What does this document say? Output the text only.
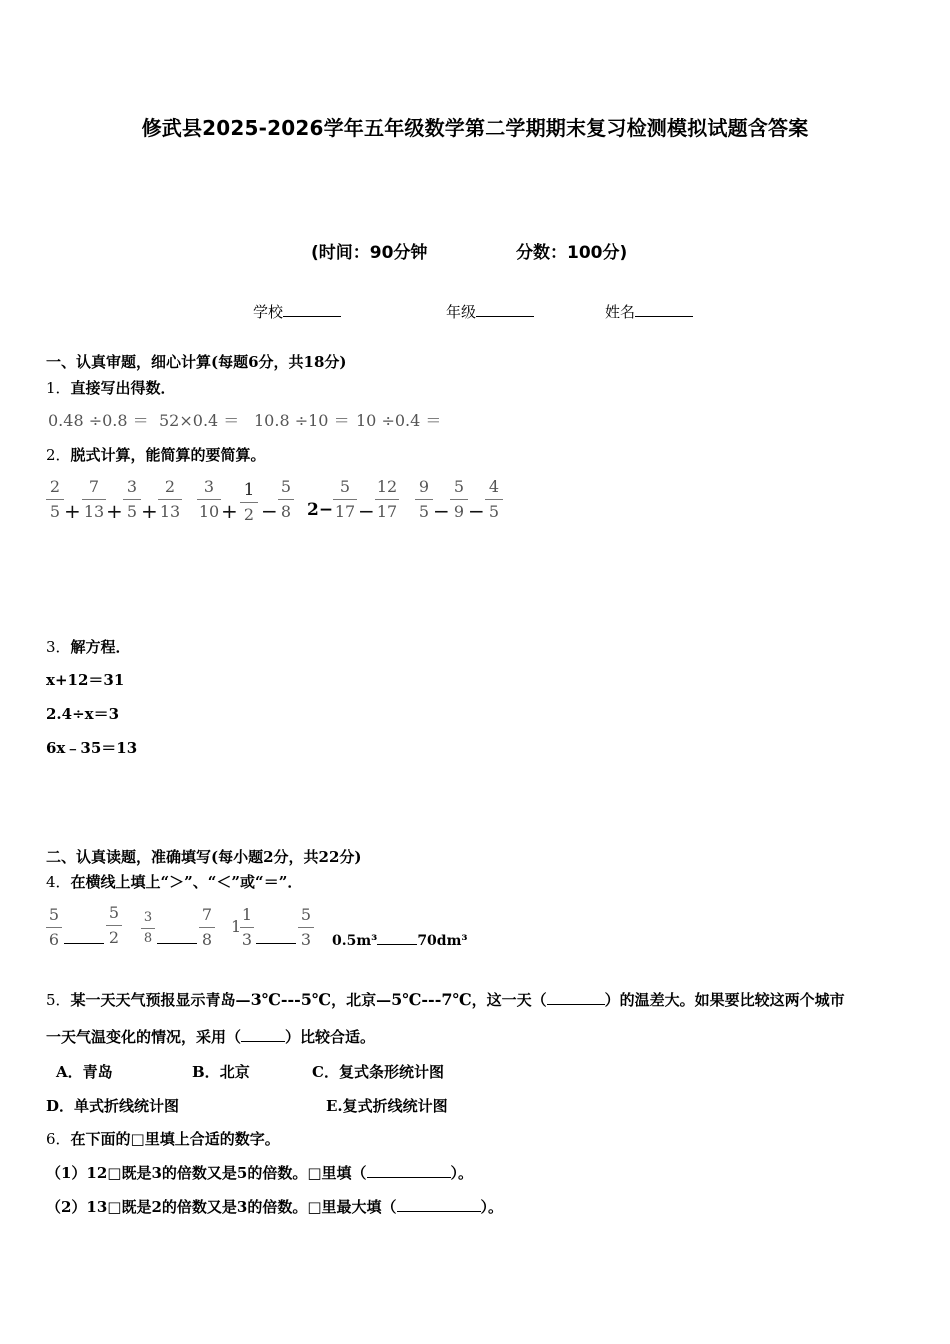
修武县2025-2026学年五年级数学第二学期期末复习检测模拟试题含答案
(时间：90分钟	分数：100分)
学校	年级	姓名
一、认真审题，细心计算(每题6分，共18分)
1．直接写出得数．
0.48 ÷0.8 ＝ 52×0.4 ＝ 10.8 ÷10 ＝ 10 ÷0.4 ＝
2．脱式计算，能简算的要简算。
2
5 +
7
13 +
3
5 +
2
13
3
10 +
1
2 −
5
8 2−
5
17 −
12
17
9
5 −
5
9 −
4
5
3．解方程．
x+12＝31
2.4÷x＝3
6x﹣35＝13
二、认真读题，准确填写(每小题2分，共22分)
4．在横线上填上“＞”、“＜”或“＝”．
5
6
5
2
3
8
7
8
1
1
3
5
3 0.5m³	70dm³
5．某一天天气预报显示青岛—3℃---5℃，北京—5℃---7℃，这一天（	）的温差大。如果要比较这两个城市
一天气温变化的情况，采用（	）比较合适。
A．青岛	B．北京	C．复式条形统计图
D．单式折线统计图	E.复式折线统计图
6．在下面的□里填上合适的数字。
（1）12□既是3的倍数又是5的倍数。□里填（	）。
（2）13□既是2的倍数又是3的倍数。□里最大填（	）。
